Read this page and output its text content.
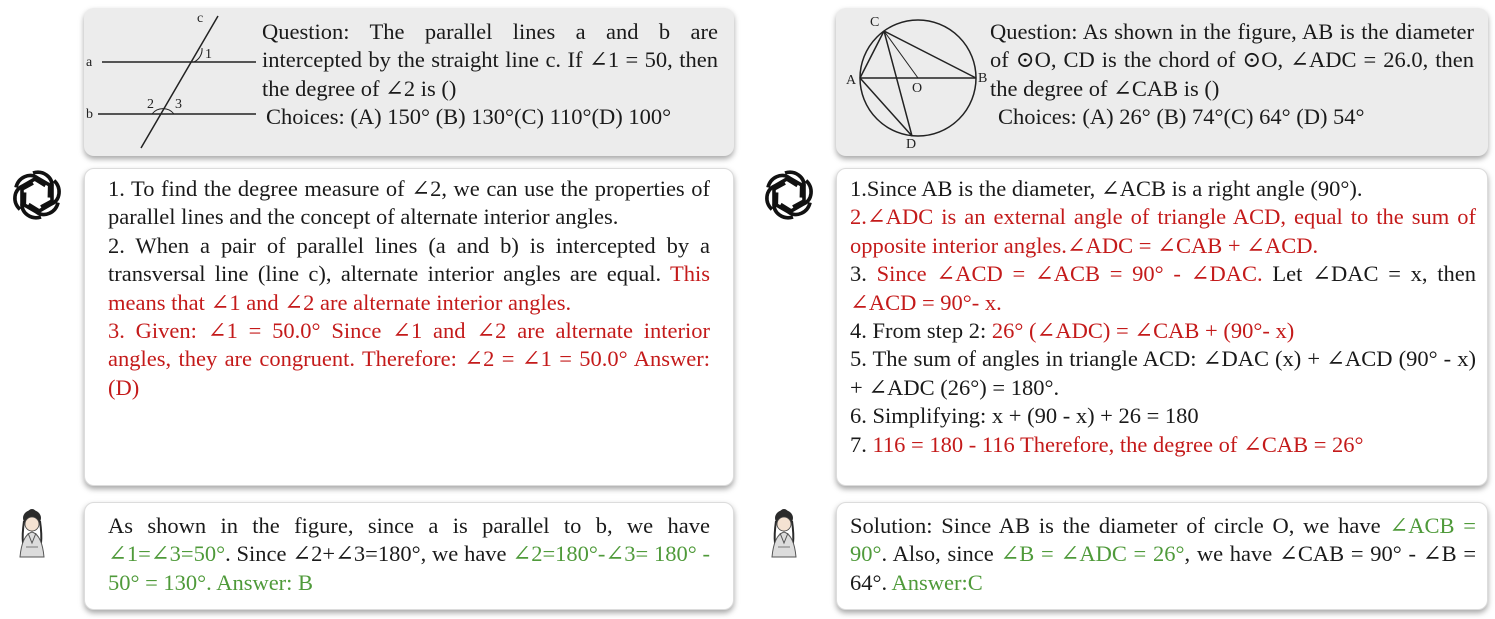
a
b
c
1
2 3
Question: The parallel lines a and b are intercepted by the straight line c. If ∠1 = 50, then the degree of ∠2 is ()
Choices: (A) 150° (B) 130°(C) 110°(D) 100°
1. To find the degree measure of ∠2, we can use the properties of parallel lines and the concept of alternate interior angles.
2. When a pair of parallel lines (a and b) is intercepted by a transversal line (line c), alternate interior angles are equal. This means that ∠1 and ∠2 are alternate interior angles.
3. Given: ∠1 = 50.0° Since ∠1 and ∠2 are alternate interior angles, they are congruent. Therefore: ∠2 = ∠1 = 50.0° Answer: (D)
As shown in the figure, since a is parallel to b, we have ∠1=∠3=50°. Since ∠2+∠3=180°, we have ∠2=180°-∠3= 180° - 50° = 130°. Answer: B
A	B
C
D
O
Question: As shown in the figure, AB is the diameter of ⊙O, CD is the chord of ⊙O, ∠ADC = 26.0, then the degree of ∠CAB is ()
Choices: (A) 26° (B) 74°(C) 64° (D) 54°
1.Since AB is the diameter, ∠ACB is a right angle (90°).
2.∠ADC is an external angle of triangle ACD, equal to the sum of opposite interior angles.∠ADC = ∠CAB + ∠ACD.
3. Since ∠ACD = ∠ACB = 90° - ∠DAC. Let ∠DAC = x, then ∠ACD = 90°- x.
4. From step 2: 26° (∠ADC) = ∠CAB + (90°- x)
5. The sum of angles in triangle ACD: ∠DAC (x) + ∠ACD (90° - x) + ∠ADC (26°) = 180°.
6. Simplifying: x + (90 - x) + 26 = 180
7. 116 = 180 - 116 Therefore, the degree of ∠CAB = 26°
Solution: Since AB is the diameter of circle O, we have ∠ACB = 90°. Also, since ∠B = ∠ADC = 26°, we have ∠CAB = 90° - ∠B = 64°. Answer:C
